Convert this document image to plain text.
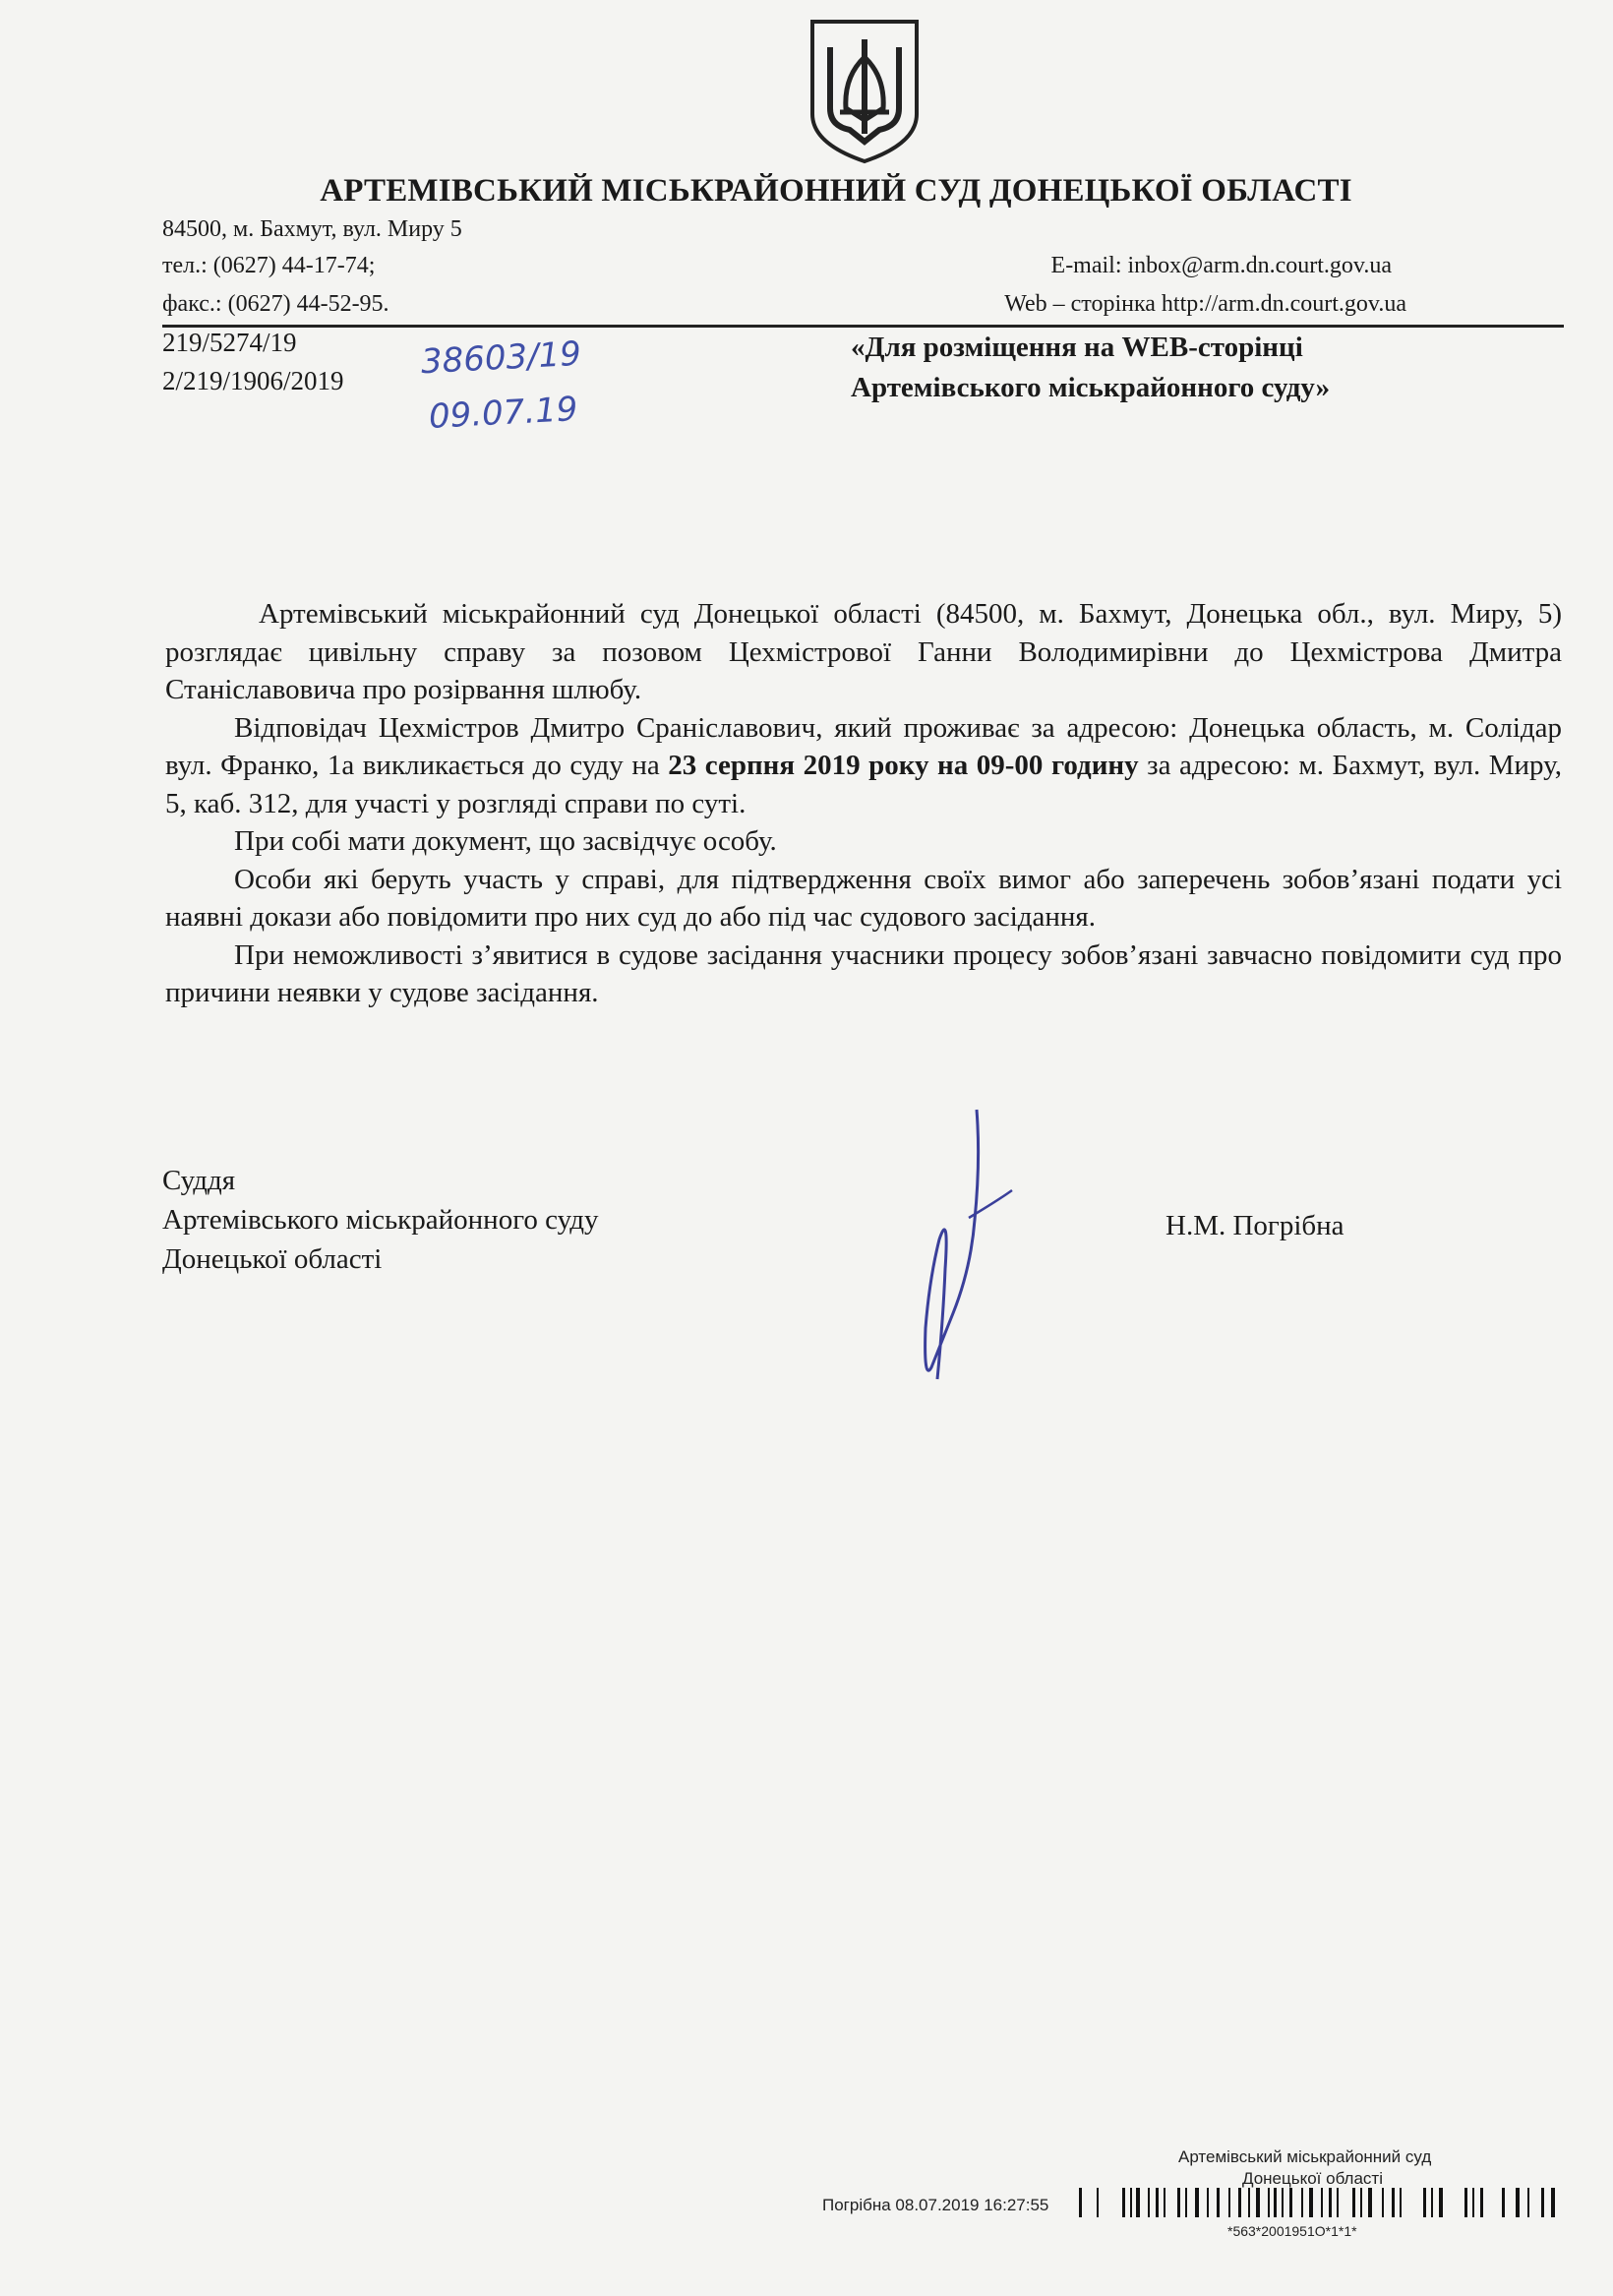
АРТЕМІВСЬКИЙ МІСЬКРАЙОННИЙ СУД ДОНЕЦЬКОЇ ОБЛАСТІ
84500, м. Бахмут, вул. Миру 5
тел.: (0627) 44-17-74;
факс.: (0627) 44-52-95.
E-mail: inbox@arm.dn.court.gov.ua
Web – сторінка http://arm.dn.court.gov.ua
219/5274/19
2/219/1906/2019 38603/19
09.07.19
«Для розміщення на WEB-сторінці
Артемівського міськрайонного суду»

Артемівський міськрайонний суд Донецької області (84500, м. Бахмут, Донецька обл., вул. Миру, 5) розглядає цивільну справу за позовом Цехмістрової Ганни Володимирівни до Цехмістрова Дмитра Станіславовича про розірвання шлюбу.

Відповідач Цехмістров Дмитро Сраніславович, який проживає за адресою: Донецька область, м. Солідар вул. Франко, 1а викликається до суду на 23 серпня 2019 року на 09-00 годину за адресою: м. Бахмут, вул. Миру, 5, каб. 312, для участі у розгляді справи по суті.

При собі мати документ, що засвідчує особу.

Особи які беруть участь у справі, для підтвердження своїх вимог або заперечень зобов’язані подати усі наявні докази або повідомити про них суд до або під час судового засідання.

При неможливості з’явитися в судове засідання учасники процесу зобов’язані завчасно повідомити суд про причини неявки у судове засідання.

Суддя
Артемівського міськрайонного суду
Донецької області
Н.М. Погрібна
Артемівський міськрайонний суд
Донецької області
Погрібна 08.07.2019 16:27:55
*563*2001951О*1*1*
